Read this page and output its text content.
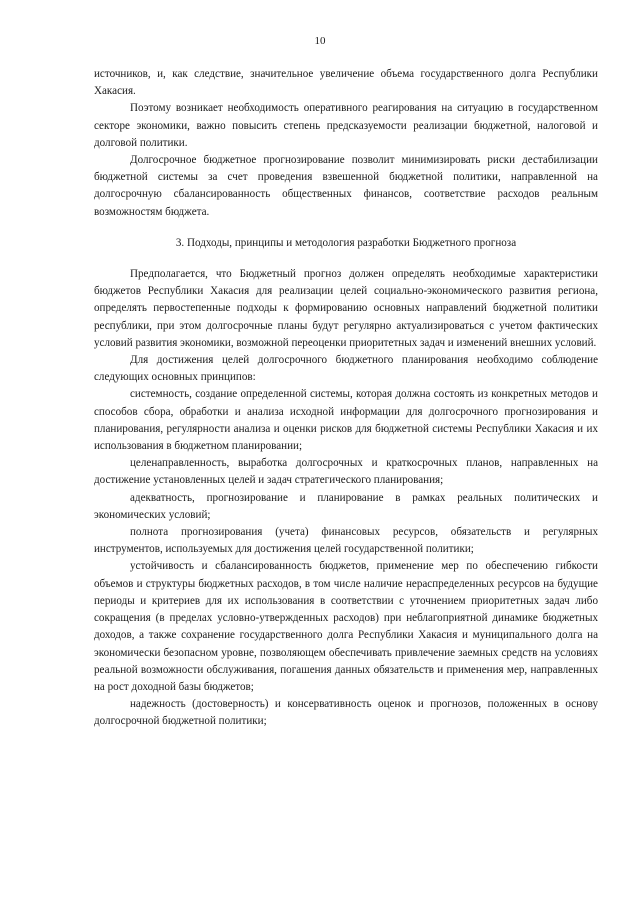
10

источников, и, как следствие, значительное увеличение объема государственного долга Республики Хакасия.

Поэтому возникает необходимость оперативного реагирования на ситуацию в государственном секторе экономики, важно повысить степень предсказуемости реализации бюджетной, налоговой и долговой политики.

Долгосрочное бюджетное прогнозирование позволит минимизировать риски дестабилизации бюджетной системы за счет проведения взвешенной бюджетной политики, направленной на долгосрочную сбалансированность общественных финансов, соответствие расходов реальным возможностям бюджета.

3. Подходы, принципы и методология разработки Бюджетного прогноза

Предполагается, что Бюджетный прогноз должен определять необходимые характеристики бюджетов Республики Хакасия для реализации целей социально-экономического развития региона, определять первостепенные подходы к формированию основных направлений бюджетной политики республики, при этом долгосрочные планы будут регулярно актуализироваться с учетом фактических условий развития экономики, возможной переоценки приоритетных задач и изменений внешних условий.

Для достижения целей долгосрочного бюджетного планирования необходимо соблюдение следующих основных принципов:

системность, создание определенной системы, которая должна состоять из конкретных методов и способов сбора, обработки и анализа исходной информации для долгосрочного прогнозирования и планирования, регулярности анализа и оценки рисков для бюджетной системы Республики Хакасия и их использования в бюджетном планировании;

целенаправленность, выработка долгосрочных и краткосрочных планов, направленных на достижение установленных целей и задач стратегического планирования;

адекватность, прогнозирование и планирование в рамках реальных политических и экономических условий;

полнота прогнозирования (учета) финансовых ресурсов, обязательств и регулярных инструментов, используемых для достижения целей государственной политики;

устойчивость и сбалансированность бюджетов, применение мер по обеспечению гибкости объемов и структуры бюджетных расходов, в том числе наличие нераспределенных ресурсов на будущие периоды и критериев для их использования в соответствии с уточнением приоритетных задач либо сокращения (в пределах условно-утвержденных расходов) при неблагоприятной динамике бюджетных доходов, а также сохранение государственного долга Республики Хакасия и муниципального долга на экономически безопасном уровне, позволяющем обеспечивать привлечение заемных средств на условиях реальной возможности обслуживания, погашения данных обязательств и применения мер, направленных на рост доходной базы бюджетов;

надежность (достоверность) и консервативность оценок и прогнозов, положенных в основу долгосрочной бюджетной политики;
